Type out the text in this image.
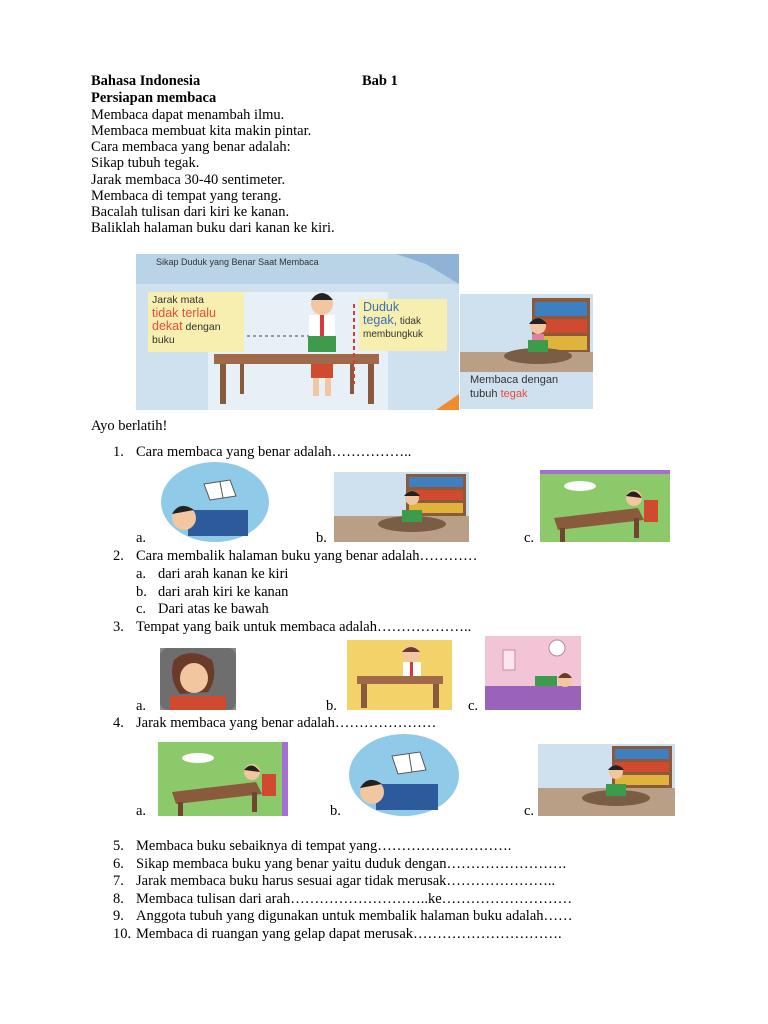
Bahasa Indonesia	Bab 1
Persiapan membaca
Membaca dapat menambah ilmu.
Membaca membuat kita makin pintar.
Cara membaca yang benar adalah:
Sikap tubuh tegak.
Jarak membaca 30-40 sentimeter.
Membaca di tempat yang terang.
Bacalah tulisan dari kiri ke kanan.
Baliklah halaman buku dari kanan ke kiri.
Sikap Duduk yang Benar Saat Membaca
Jarak mata
tidak terlalu
dekat dengan
buku
Duduk
tegak, tidak
membungkuk
Membaca dengan
tubuh tegak
Ayo berlatih!
1. Cara membaca yang benar adalah……………..
a.	b.	c.
2. Cara membalik halaman buku yang benar adalah…………
a. dari arah kanan ke kiri
b. dari arah kiri ke kanan
c. Dari atas ke bawah
3. Tempat yang baik untuk membaca adalah………………..
a.	b.	c.
4. Jarak membaca yang benar adalah…………………
a.	b.	c.
5. Membaca buku sebaiknya di tempat yang……………………….
6. Sikap membaca buku yang benar yaitu duduk dengan…………………….
7. Jarak membaca buku harus sesuai agar tidak merusak…………………..
8. Membaca tulisan dari arah………………………..ke………………………
9. Anggota tubuh yang digunakan untuk membalik halaman buku adalah……
10. Membaca di ruangan yang gelap dapat merusak………………………….
